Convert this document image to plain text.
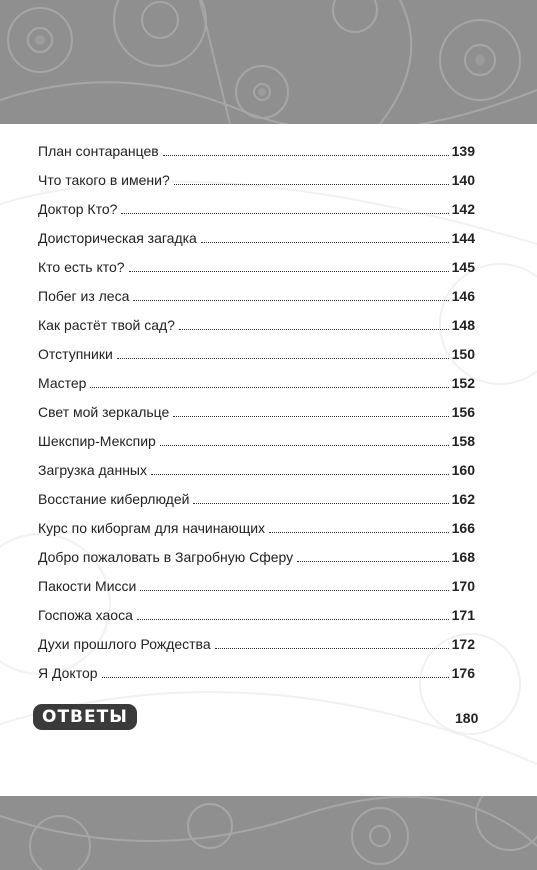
План сонтаранцев	139
Что такого в имени?	140
Доктор Кто?	142
Доисторическая загадка	144
Кто есть кто?	145
Побег из леса	146
Как растёт твой сад?	148
Отступники	150
Мастер	152
Свет мой зеркальце	156
Шекспир-Мекспир	158
Загрузка данных	160
Восстание киберлюдей	162
Курс по киборгам для начинающих	166
Добро пожаловать в Загробную Сферу	168
Пакости Мисси	170
Госпожа хаоса	171
Духи прошлого Рождества	172
Я Доктор	176
ОТВЕТЫ	180
